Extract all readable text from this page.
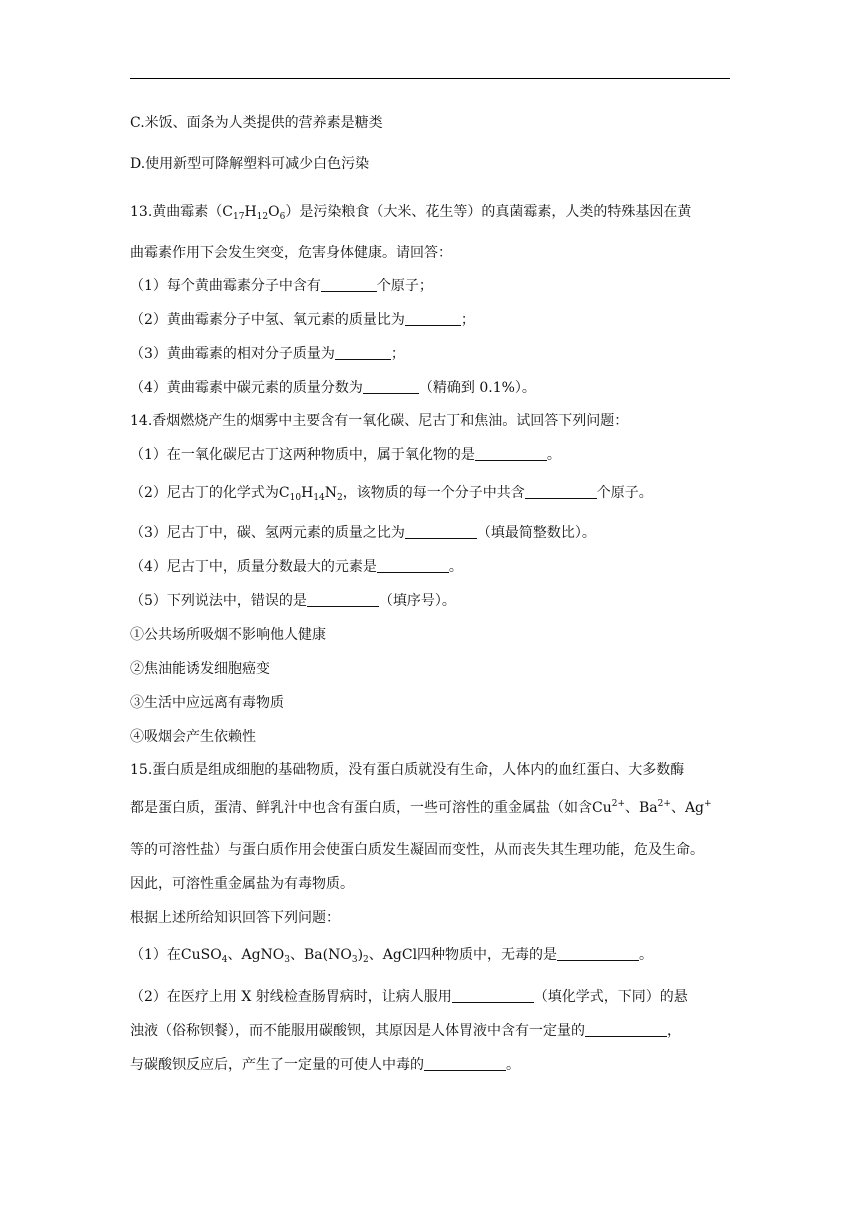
C.米饭、面条为人类提供的营养素是糖类
D.使用新型可降解塑料可减少白色污染
13.黄曲霉素$(C_{17}H_{12}O_6)$是污染粮食（大米、花生等）的真菌霉素，人类的特殊基因在黄
曲霉素作用下会发生突变，危害身体健康。请回答：
（1）每个黄曲霉素分子中含有	个原子；
（2）黄曲霉素分子中氢、氧元素的质量比为	；
（3）黄曲霉素的相对分子质量为	；
（4）黄曲霉素中碳元素的质量分数为	（精确到 0.1%）。
14.香烟燃烧产生的烟雾中主要含有一氧化碳、尼古丁和焦油。试回答下列问题：
（1）在一氧化碳尼古丁这两种物质中，属于氧化物的是	。
（2）尼古丁的化学式为$C_{10}H_{14}N_2$，该物质的每一个分子中共含	个原子。
（3）尼古丁中，碳、氢两元素的质量之比为	（填最简整数比）。
（4）尼古丁中，质量分数最大的元素是	。
（5）下列说法中，错误的是	（填序号）。
①公共场所吸烟不影响他人健康
②焦油能诱发细胞癌变
③生活中应远离有毒物质
④吸烟会产生依赖性
15.蛋白质是组成细胞的基础物质，没有蛋白质就没有生命，人体内的血红蛋白、大多数酶
都是蛋白质，蛋清、鲜乳汁中也含有蛋白质，一些可溶性的重金属盐（如含$Cu^{2+}$、$Ba^{2+}$、Ag+
等的可溶性盐）与蛋白质作用会使蛋白质发生凝固而变性，从而丧失其生理功能，危及生命。
因此，可溶性重金属盐为有毒物质。
根据上述所给知识回答下列问题：
（1）在CuSO$_4$、AgNO$_3$、$Ba(NO_3)_2$、AgCl四种物质中，无毒的是	。
（2）在医疗上用 X 射线检查肠胃病时，让病人服用	（填化学式，下同）的悬
浊液（俗称钡餐），而不能服用碳酸钡，其原因是人体胃液中含有一定量的	，
与碳酸钡反应后，产生了一定量的可使人中毒的	。
